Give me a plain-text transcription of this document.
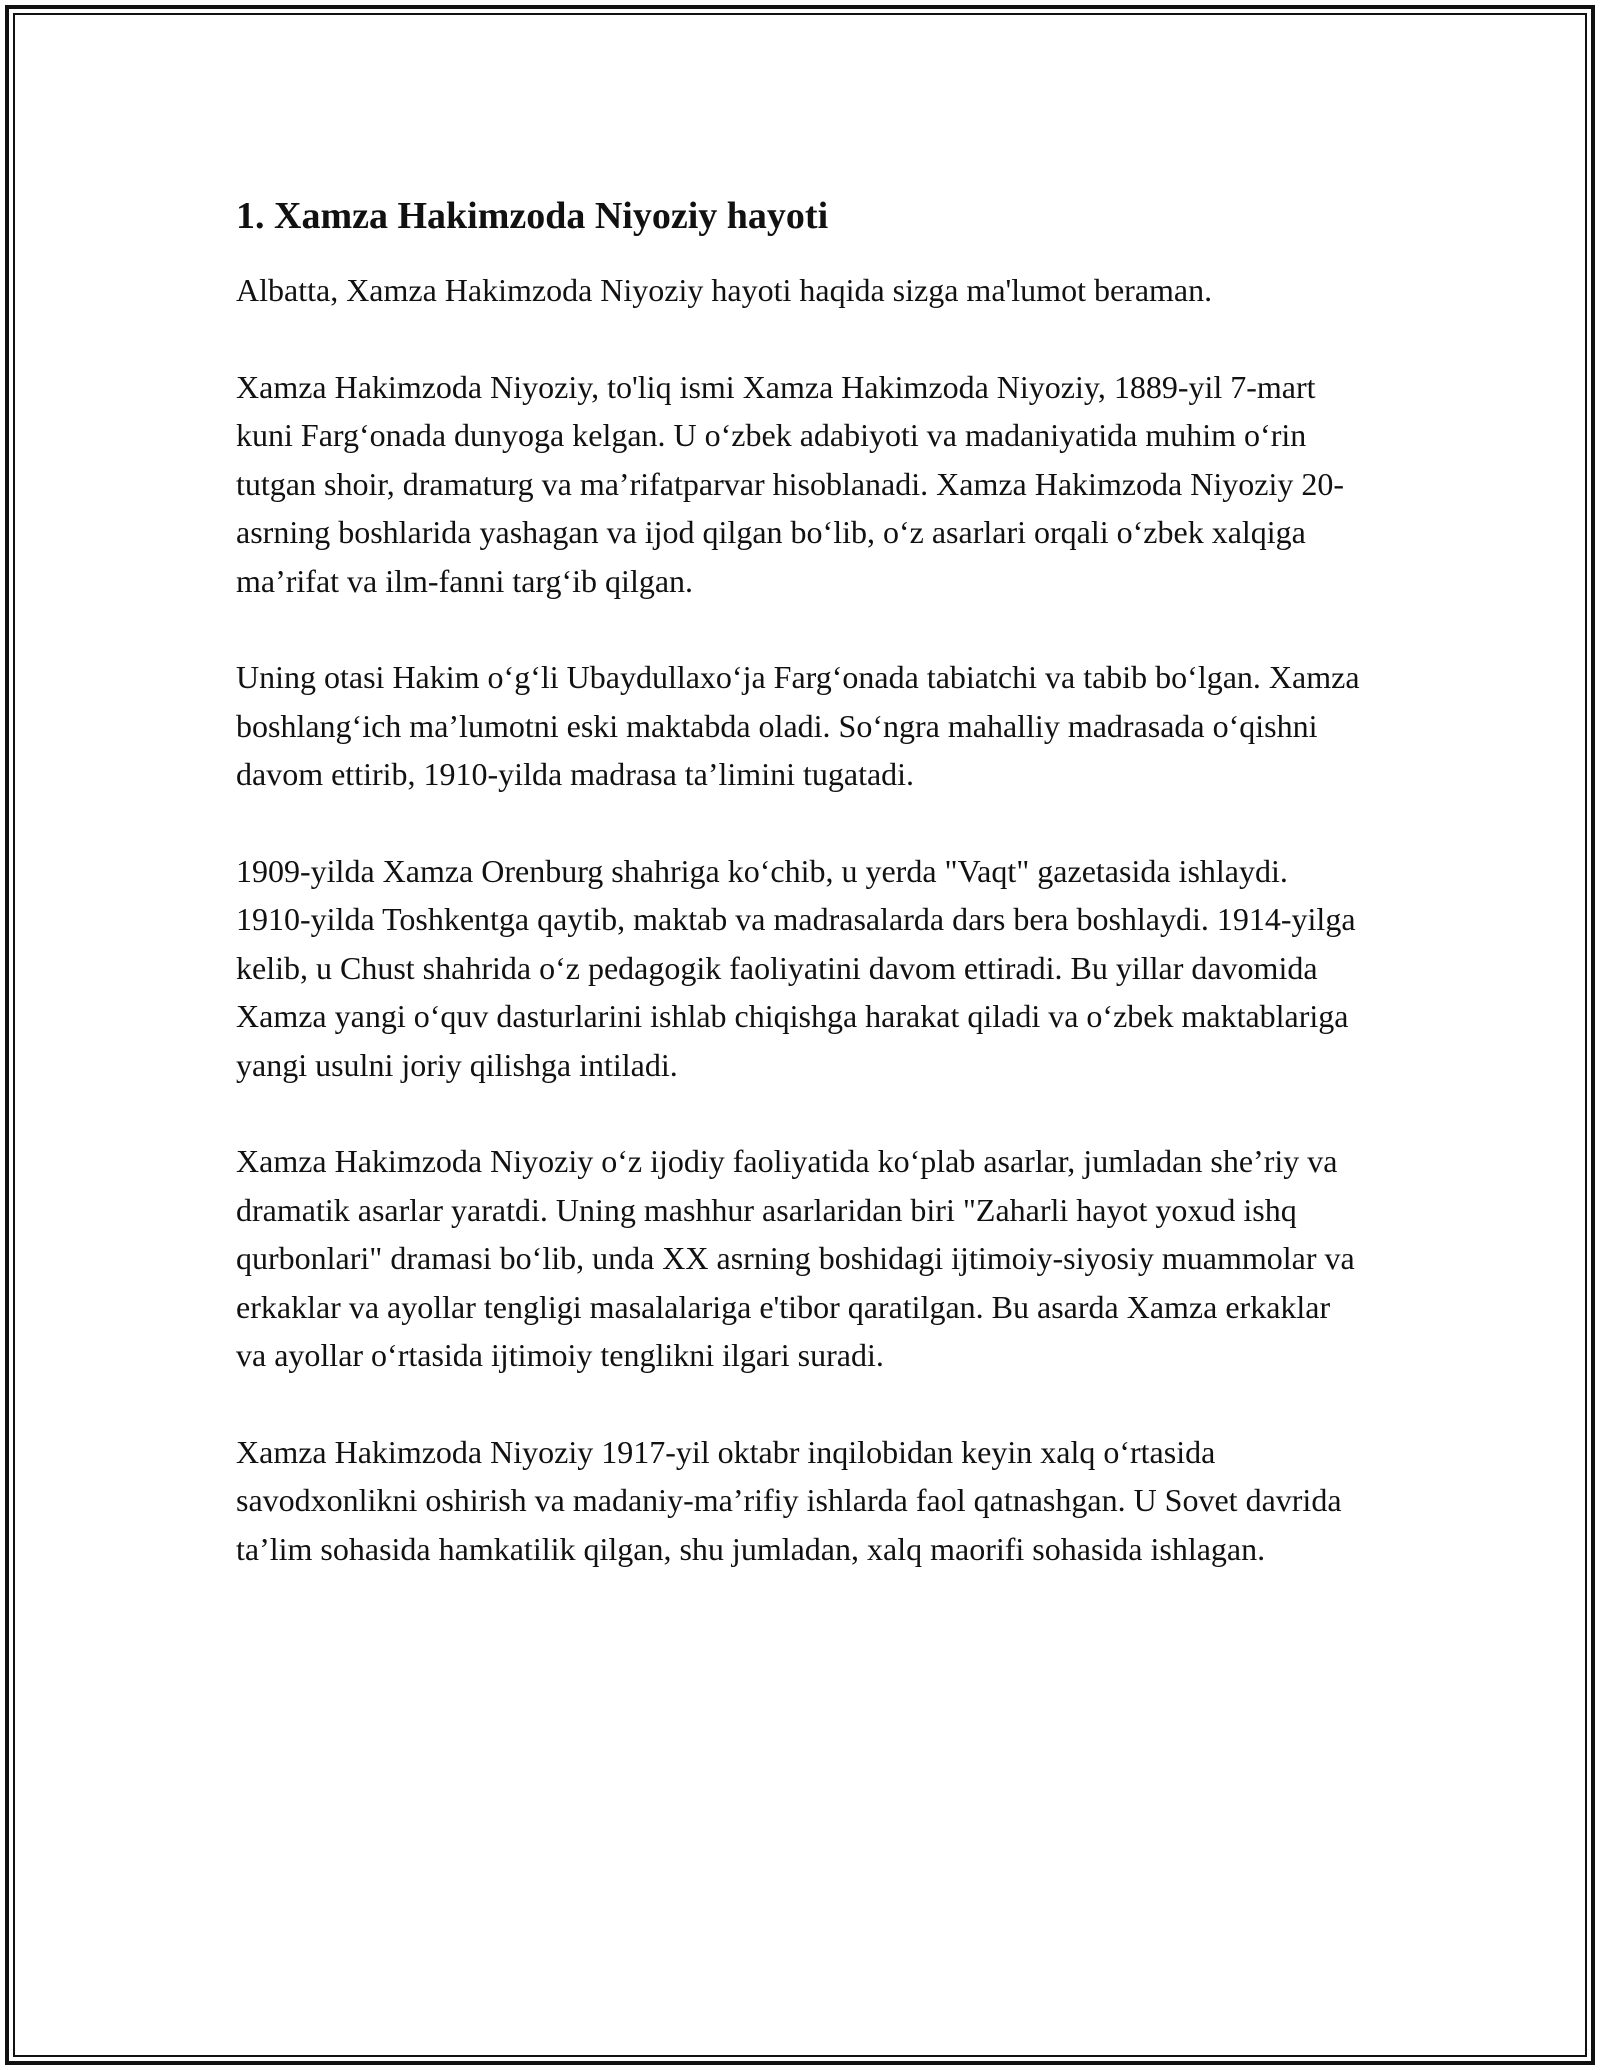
1. Xamza Hakimzoda Niyoziy hayoti

Albatta, Xamza Hakimzoda Niyoziy hayoti haqida sizga ma'lumot beraman.

Xamza Hakimzoda Niyoziy, to'liq ismi Xamza Hakimzoda Niyoziy, 1889-yil 7-mart kuni Farg‘onada dunyoga kelgan. U o‘zbek adabiyoti va madaniyatida muhim o‘rin tutgan shoir, dramaturg va ma’rifatparvar hisoblanadi. Xamza Hakimzoda Niyoziy 20-asrning boshlarida yashagan va ijod qilgan bo‘lib, o‘z asarlari orqali o‘zbek xalqiga ma’rifat va ilm-fanni targ‘ib qilgan.

Uning otasi Hakim o‘g‘li Ubaydullaxo‘ja Farg‘onada tabiatchi va tabib bo‘lgan. Xamza boshlang‘ich ma’lumotni eski maktabda oladi. So‘ngra mahalliy madrasada o‘qishni davom ettirib, 1910-yilda madrasa ta’limini tugatadi.

1909-yilda Xamza Orenburg shahriga ko‘chib, u yerda "Vaqt" gazetasida ishlaydi. 1910-yilda Toshkentga qaytib, maktab va madrasalarda dars bera boshlaydi. 1914-yilga kelib, u Chust shahrida o‘z pedagogik faoliyatini davom ettiradi. Bu yillar davomida Xamza yangi o‘quv dasturlarini ishlab chiqishga harakat qiladi va o‘zbek maktablariga yangi usulni joriy qilishga intiladi.

Xamza Hakimzoda Niyoziy o‘z ijodiy faoliyatida ko‘plab asarlar, jumladan she’riy va dramatik asarlar yaratdi. Uning mashhur asarlaridan biri "Zaharli hayot yoxud ishq qurbonlari" dramasi bo‘lib, unda XX asrning boshidagi ijtimoiy-siyosiy muammolar va erkaklar va ayollar tengligi masalalariga e'tibor qaratilgan. Bu asarda Xamza erkaklar va ayollar o‘rtasida ijtimoiy tenglikni ilgari suradi.

Xamza Hakimzoda Niyoziy 1917-yil oktabr inqilobidan keyin xalq o‘rtasida savodxonlikni oshirish va madaniy-ma’rifiy ishlarda faol qatnashgan. U Sovet davrida ta’lim sohasida hamkatilik qilgan, shu jumladan, xalq maorifi sohasida ishlagan.
